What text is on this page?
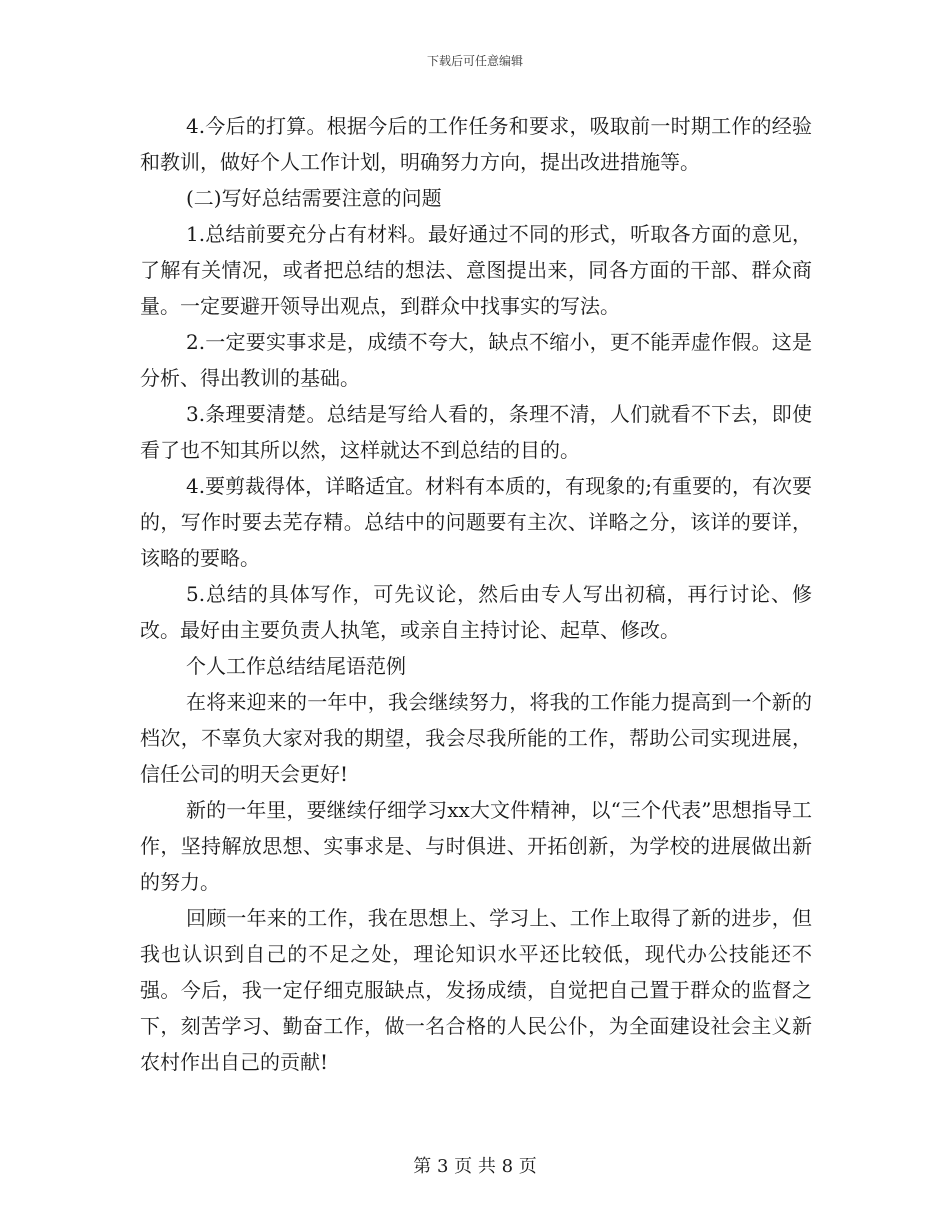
下载后可任意编辑

4.今后的打算。根据今后的工作任务和要求，吸取前一时期工作的经验和教训，做好个人工作计划，明确努力方向，提出改进措施等。

(二)写好总结需要注意的问题

1.总结前要充分占有材料。最好通过不同的形式，听取各方面的意见，了解有关情况，或者把总结的想法、意图提出来，同各方面的干部、群众商量。一定要避开领导出观点，到群众中找事实的写法。

2.一定要实事求是，成绩不夸大，缺点不缩小，更不能弄虚作假。这是分析、得出教训的基础。

3.条理要清楚。总结是写给人看的，条理不清，人们就看不下去，即使看了也不知其所以然，这样就达不到总结的目的。

4.要剪裁得体，详略适宜。材料有本质的，有现象的;有重要的，有次要的，写作时要去芜存精。总结中的问题要有主次、详略之分，该详的要详，该略的要略。

5.总结的具体写作，可先议论，然后由专人写出初稿，再行讨论、修改。最好由主要负责人执笔，或亲自主持讨论、起草、修改。

个人工作总结结尾语范例

在将来迎来的一年中，我会继续努力，将我的工作能力提高到一个新的档次，不辜负大家对我的期望，我会尽我所能的工作，帮助公司实现进展，信任公司的明天会更好!

新的一年里，要继续仔细学习xx大文件精神，以“三个代表”思想指导工作，坚持解放思想、实事求是、与时俱进、开拓创新，为学校的进展做出新的努力。

回顾一年来的工作，我在思想上、学习上、工作上取得了新的进步，但我也认识到自己的不足之处，理论知识水平还比较低，现代办公技能还不强。今后，我一定仔细克服缺点，发扬成绩，自觉把自己置于群众的监督之下，刻苦学习、勤奋工作，做一名合格的人民公仆，为全面建设社会主义新农村作出自己的贡献!

第 3 页 共 8 页
